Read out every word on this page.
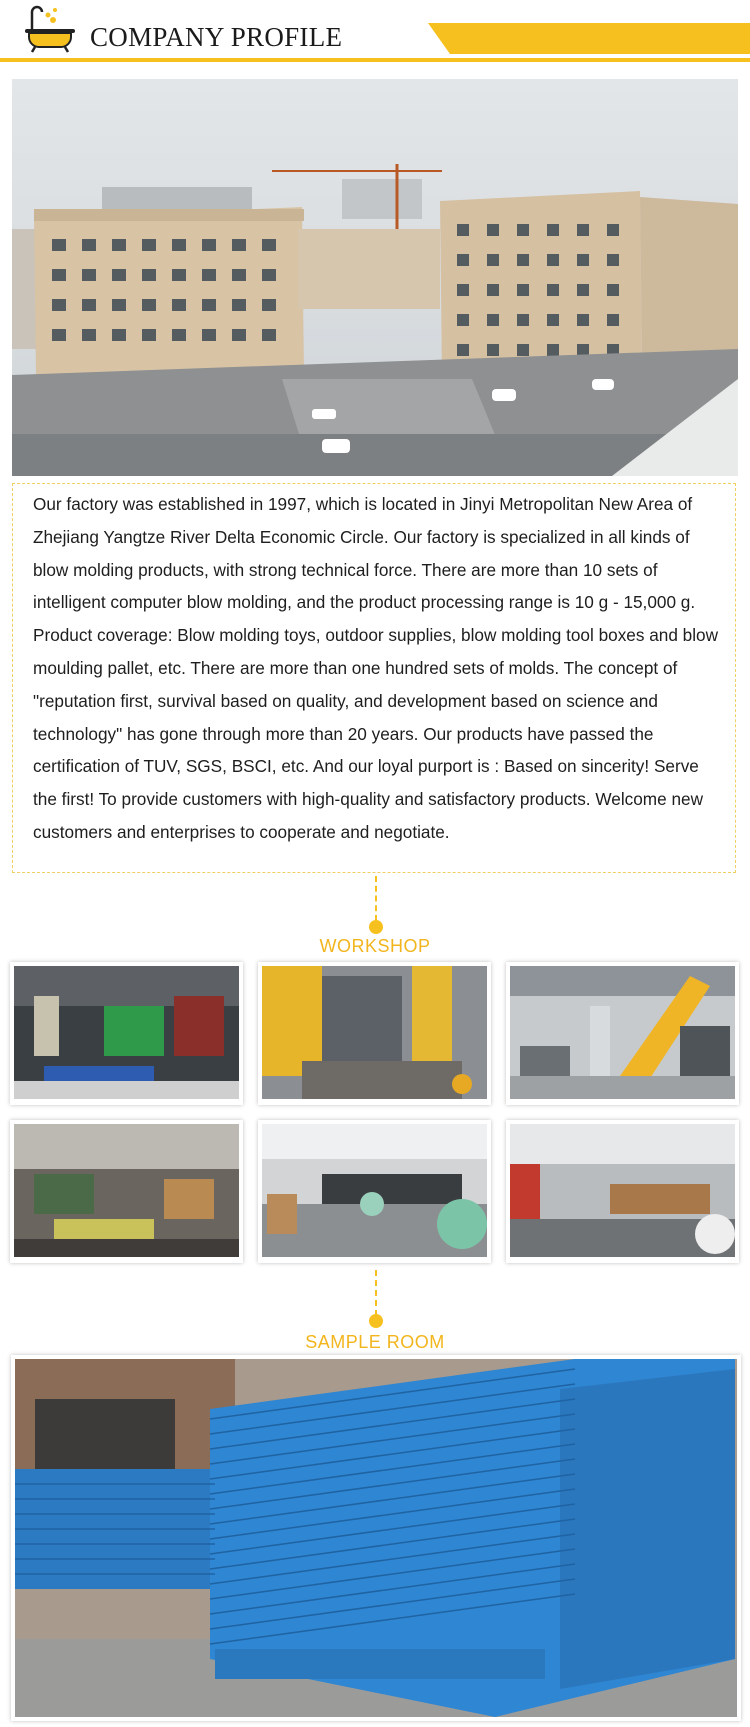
COMPANY PROFILE

Our factory was established in 1997, which is located in Jinyi Metropolitan New Area of Zhejiang Yangtze River Delta Economic Circle. Our factory is specialized in all kinds of blow molding products, with strong technical force. There are more than 10 sets of intelligent computer blow molding, and the product processing range is 10 g - 15,000 g. Product coverage: Blow molding toys, outdoor supplies, blow molding tool boxes and blow moulding pallet, etc. There are more than one hundred sets of molds. The concept of "reputation first, survival based on quality, and development based on science and technology" has gone through more than 20 years. Our products have passed the certification of TUV, SGS, BSCI, etc. And our loyal purport is : Based on sincerity! Serve the first! To provide customers with high-quality and satisfactory products. Welcome new customers and enterprises to cooperate and negotiate.

WORKSHOP
SAMPLE ROOM
